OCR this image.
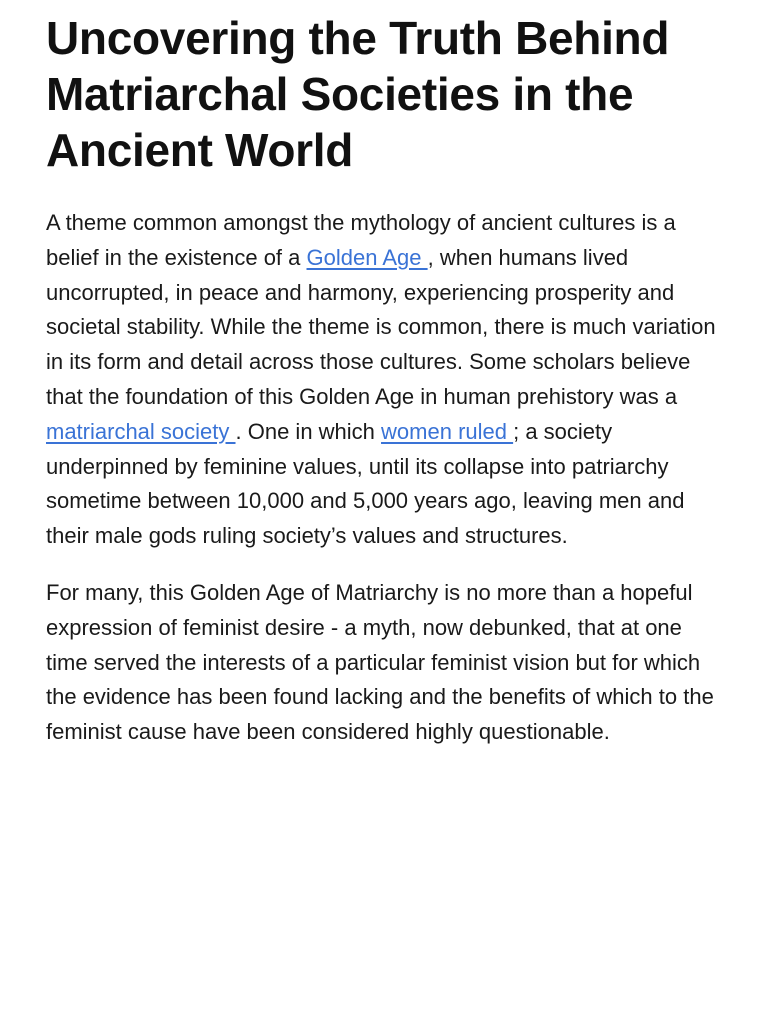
Uncovering the Truth Behind Matriarchal Societies in the Ancient World

A theme common amongst the mythology of ancient cultures is a belief in the existence of a Golden Age , when humans lived uncorrupted, in peace and harmony, experiencing prosperity and societal stability. While the theme is common, there is much variation in its form and detail across those cultures. Some scholars believe that the foundation of this Golden Age in human prehistory was a matriarchal society . One in which women ruled ; a society underpinned by feminine values, until its collapse into patriarchy sometime between 10,000 and 5,000 years ago, leaving men and their male gods ruling society’s values and structures.

For many, this Golden Age of Matriarchy is no more than a hopeful expression of feminist desire - a myth, now debunked, that at one time served the interests of a particular feminist vision but for which the evidence has been found lacking and the benefits of which to the feminist cause have been considered highly questionable.
